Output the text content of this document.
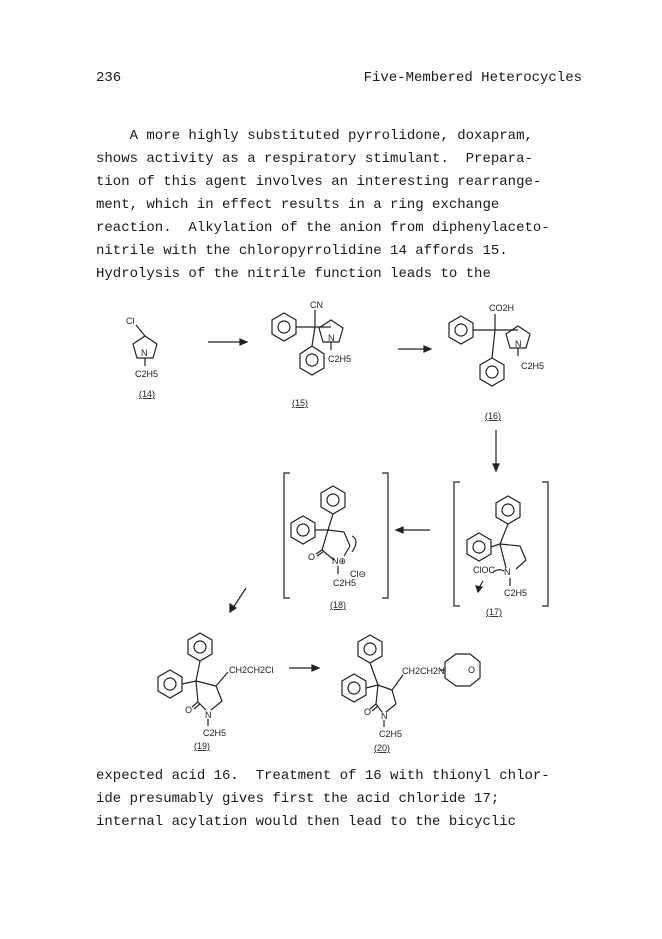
236	Five-Membered Heterocycles
A more highly substituted pyrrolidone, doxapram,
shows activity as a respiratory stimulant.  Prepara-
tion of this agent involves an interesting rearrange-
ment, which in effect results in a ring exchange
reaction.  Alkylation of the anion from diphenylaceto-
nitrile with the chloropyrrolidine 14 affords 15.
Hydrolysis of the nitrile function leads to the
Cl
N
C2H5
(14)
CN
N
C2H5
(15)
CO2H
N
C2H5
(16)
N
C2H5
ClOC
(17)
O N⊕
C2H5
Cl⊖
(18)
O N
C2H5
CH2CH2Cl
(19)
O N
C2H5
CH2CH2N	O
(20)
expected acid 16.  Treatment of 16 with thionyl chlor-
ide presumably gives first the acid chloride 17;
internal acylation would then lead to the bicyclic
